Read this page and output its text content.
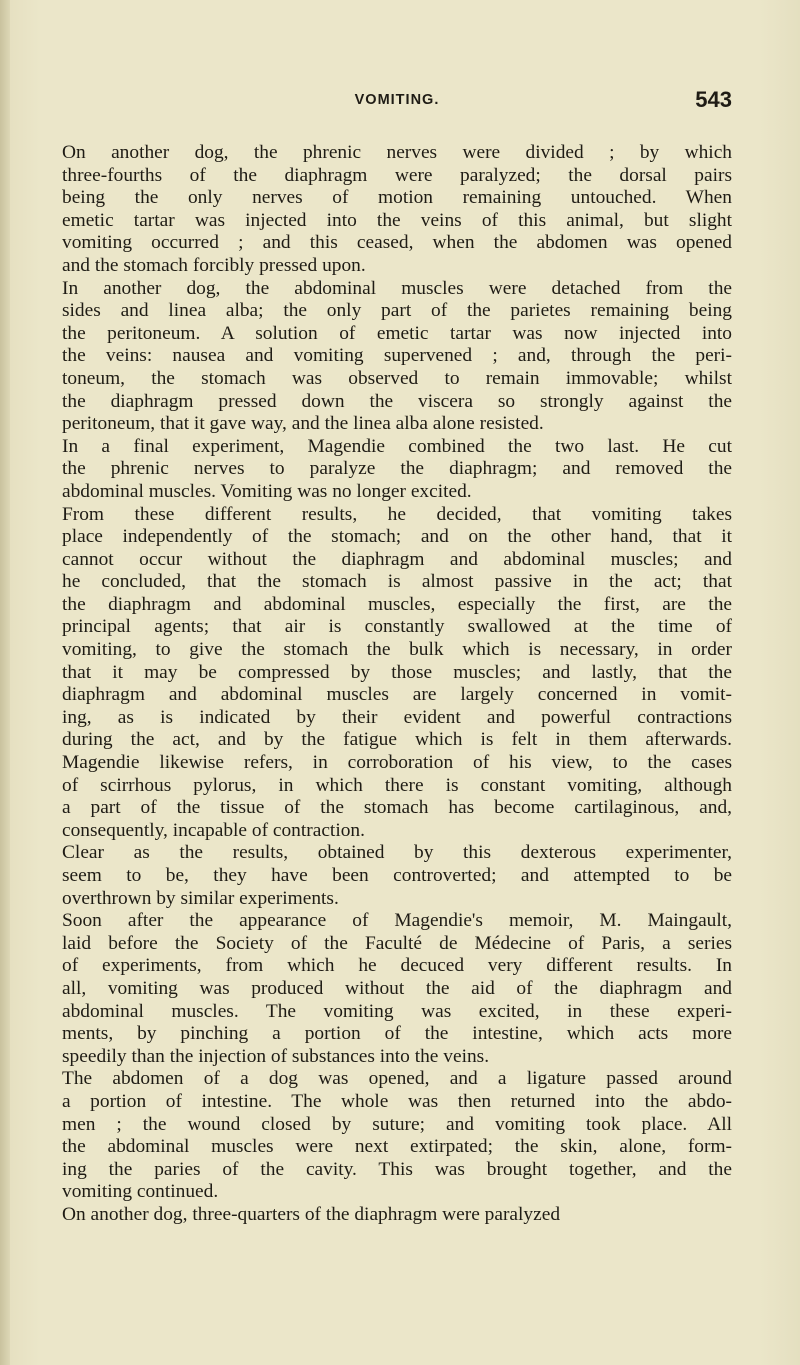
VOMITING.	543
On another dog, the phrenic nerves were divided ; by which
three-fourths of the diaphragm were paralyzed; the dorsal pairs
being the only nerves of motion remaining untouched. When
emetic tartar was injected into the veins of this animal, but slight
vomiting occurred ; and this ceased, when the abdomen was opened
and the stomach forcibly pressed upon.
In another dog, the abdominal muscles were detached from the
sides and linea alba; the only part of the parietes remaining being
the peritoneum. A solution of emetic tartar was now injected into
the veins: nausea and vomiting supervened ; and, through the peri-
toneum, the stomach was observed to remain immovable; whilst
the diaphragm pressed down the viscera so strongly against the
peritoneum, that it gave way, and the linea alba alone resisted.
In a final experiment, Magendie combined the two last. He cut
the phrenic nerves to paralyze the diaphragm; and removed the
abdominal muscles. Vomiting was no longer excited.
From these different results, he decided, that vomiting takes
place independently of the stomach; and on the other hand, that it
cannot occur without the diaphragm and abdominal muscles; and
he concluded, that the stomach is almost passive in the act; that
the diaphragm and abdominal muscles, especially the first, are the
principal agents; that air is constantly swallowed at the time of
vomiting, to give the stomach the bulk which is necessary, in order
that it may be compressed by those muscles; and lastly, that the
diaphragm and abdominal muscles are largely concerned in vomit-
ing, as is indicated by their evident and powerful contractions
during the act, and by the fatigue which is felt in them afterwards.
Magendie likewise refers, in corroboration of his view, to the cases
of scirrhous pylorus, in which there is constant vomiting, although
a part of the tissue of the stomach has become cartilaginous, and,
consequently, incapable of contraction.
Clear as the results, obtained by this dexterous experimenter,
seem to be, they have been controverted; and attempted to be
overthrown by similar experiments.
Soon after the appearance of Magendie's memoir, M. Maingault,
laid before the Society of the Faculté de Médecine of Paris, a series
of experiments, from which he decuced very different results. In
all, vomiting was produced without the aid of the diaphragm and
abdominal muscles. The vomiting was excited, in these experi-
ments, by pinching a portion of the intestine, which acts more
speedily than the injection of substances into the veins.
The abdomen of a dog was opened, and a ligature passed around
a portion of intestine. The whole was then returned into the abdo-
men ; the wound closed by suture; and vomiting took place. All
the abdominal muscles were next extirpated; the skin, alone, form-
ing the paries of the cavity. This was brought together, and the
vomiting continued.
On another dog, three-quarters of the diaphragm were paralyzed
